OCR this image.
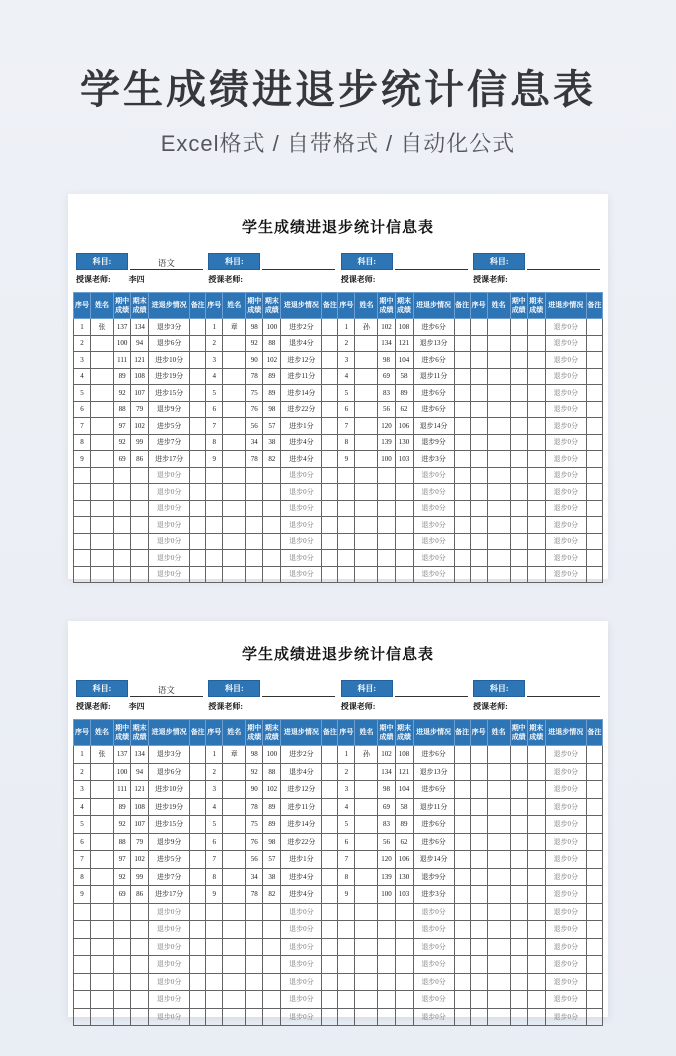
学生成绩进退步统计信息表
Excel格式 / 自带格式 / 自动化公式
学生成绩进退步统计信息表
科目:	语文
授课老师: 李四
科目:
授课老师:
科目:
授课老师:
科目:
授课老师:
序号	姓名	期中成绩	期末成绩	进退步情况	备注	序号	姓名	期中成绩	期末成绩	进退步情况	备注	序号	姓名	期中成绩	期末成绩	进退步情况	备注	序号	姓名	期中成绩	期末成绩	进退步情况	备注
1	张	137	134	退步3分		1	章	98	100	进步2分		1	孙	102	108	进步6分						退步0分	
2		100	94	退步6分		2		92	88	退步4分		2		134	121	退步13分						退步0分	
3		111	121	进步10分		3		90	102	进步12分		3		98	104	进步6分						退步0分	
4		89	108	进步19分		4		78	89	进步11分		4		69	58	退步11分						退步0分	
5		92	107	进步15分		5		75	89	进步14分		5		83	89	进步6分						退步0分	
6		88	79	退步9分		6		76	98	进步22分		6		56	62	进步6分						退步0分	
7		97	102	进步5分		7		56	57	进步1分		7		120	106	退步14分						退步0分	
8		92	99	进步7分		8		34	38	进步4分		8		139	130	退步9分						退步0分	
9		69	86	进步17分		9		78	82	进步4分		9		100	103	进步3分						退步0分	
				退步0分						退步0分						退步0分						退步0分	
				退步0分						退步0分						退步0分						退步0分	
				退步0分						退步0分						退步0分						退步0分	
				退步0分						退步0分						退步0分						退步0分	
				退步0分						退步0分						退步0分						退步0分	
				退步0分						退步0分						退步0分						退步0分	
				退步0分						退步0分						退步0分						退步0分	
学生成绩进退步统计信息表
科目:	语文
授课老师: 李四
科目:
授课老师:
科目:
授课老师:
科目:
授课老师:
序号	姓名	期中成绩	期末成绩	进退步情况	备注	序号	姓名	期中成绩	期末成绩	进退步情况	备注	序号	姓名	期中成绩	期末成绩	进退步情况	备注	序号	姓名	期中成绩	期末成绩	进退步情况	备注
1	张	137	134	退步3分		1	章	98	100	进步2分		1	孙	102	108	进步6分						退步0分	
2		100	94	退步6分		2		92	88	退步4分		2		134	121	退步13分						退步0分	
3		111	121	进步10分		3		90	102	进步12分		3		98	104	进步6分						退步0分	
4		89	108	进步19分		4		78	89	进步11分		4		69	58	退步11分						退步0分	
5		92	107	进步15分		5		75	89	进步14分		5		83	89	进步6分						退步0分	
6		88	79	退步9分		6		76	98	进步22分		6		56	62	进步6分						退步0分	
7		97	102	进步5分		7		56	57	进步1分		7		120	106	退步14分						退步0分	
8		92	99	进步7分		8		34	38	进步4分		8		139	130	退步9分						退步0分	
9		69	86	进步17分		9		78	82	进步4分		9		100	103	进步3分						退步0分	
				退步0分						退步0分						退步0分						退步0分	
				退步0分						退步0分						退步0分						退步0分	
				退步0分						退步0分						退步0分						退步0分	
				退步0分						退步0分						退步0分						退步0分	
				退步0分						退步0分						退步0分						退步0分	
				退步0分						退步0分						退步0分						退步0分	
				退步0分						退步0分						退步0分						退步0分	
